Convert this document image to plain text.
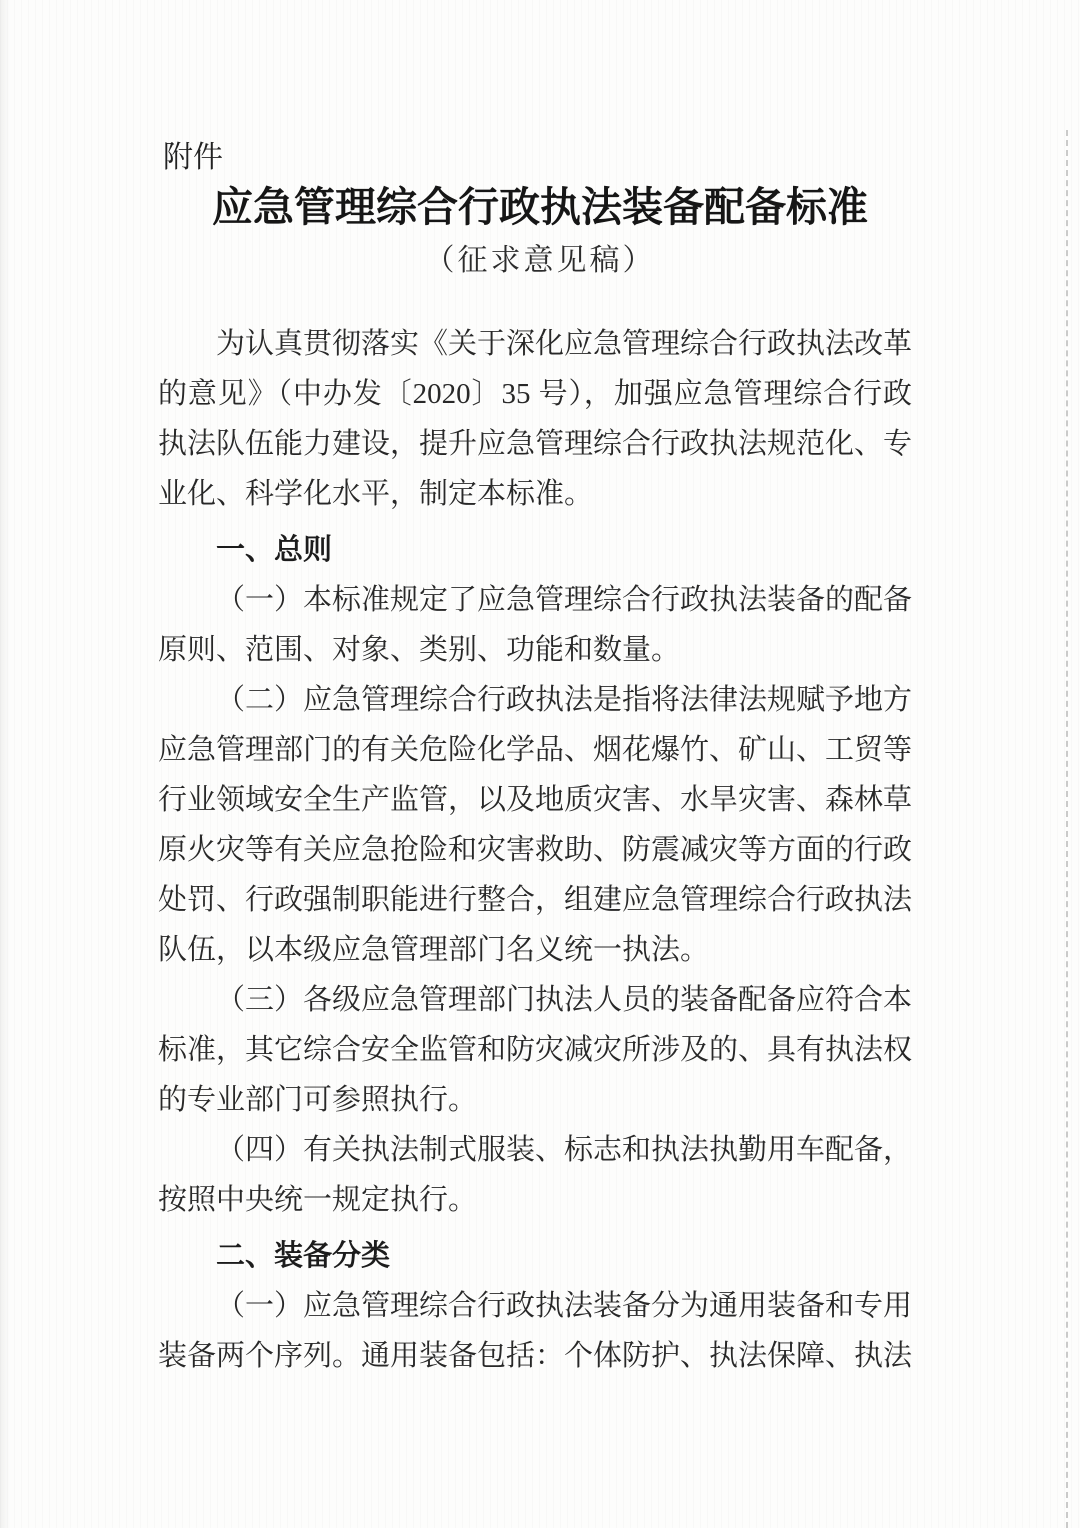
附件
应急管理综合行政执法装备配备标准
（征求意见稿）

为认真贯彻落实《关于深化应急管理综合行政执法改革的意见》（中办发〔2020〕35 号），加强应急管理综合行政执法队伍能力建设，提升应急管理综合行政执法规范化、专业化、科学化水平，制定本标准。

一、总则

（一）本标准规定了应急管理综合行政执法装备的配备原则、范围、对象、类别、功能和数量。

（二）应急管理综合行政执法是指将法律法规赋予地方应急管理部门的有关危险化学品、烟花爆竹、矿山、工贸等行业领域安全生产监管，以及地质灾害、水旱灾害、森林草原火灾等有关应急抢险和灾害救助、防震减灾等方面的行政处罚、行政强制职能进行整合，组建应急管理综合行政执法队伍，以本级应急管理部门名义统一执法。

（三）各级应急管理部门执法人员的装备配备应符合本标准，其它综合安全监管和防灾减灾所涉及的、具有执法权的专业部门可参照执行。

（四）有关执法制式服装、标志和执法执勤用车配备，按照中央统一规定执行。

二、装备分类

（一）应急管理综合行政执法装备分为通用装备和专用装备两个序列。通用装备包括：个体防护、执法保障、执法
